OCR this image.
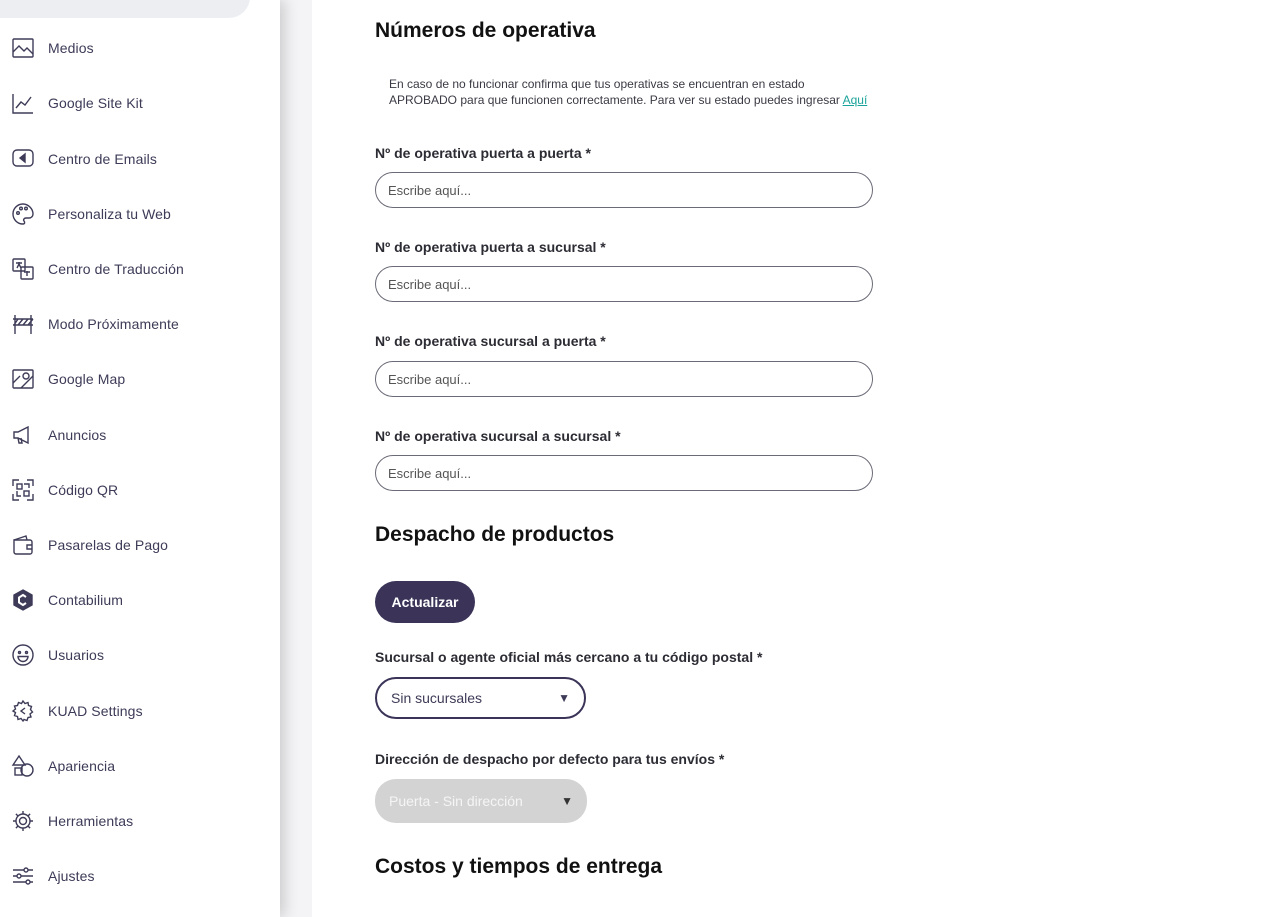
Medios
Google Site Kit
Centro de Emails
Personaliza tu Web
Centro de Traducción
Modo Próximamente
Google Map
Anuncios
Código QR
Pasarelas de Pago
Contabilium
Usuarios
KUAD Settings
Apariencia
Herramientas
Ajustes
Números de operativa
En caso de no funcionar confirma que tus operativas se encuentran en estado APROBADO para que funcionen correctamente. Para ver su estado puedes ingresar Aquí
Nº de operativa puerta a puerta *
Escribe aquí...
Nº de operativa puerta a sucursal *
Escribe aquí...
Nº de operativa sucursal a puerta *
Escribe aquí...
Nº de operativa sucursal a sucursal *
Escribe aquí...
Despacho de productos
Actualizar
Sucursal o agente oficial más cercano a tu código postal *
Sin sucursales	▼
Dirección de despacho por defecto para tus envíos *
Puerta - Sin dirección	▼
Costos y tiempos de entrega
